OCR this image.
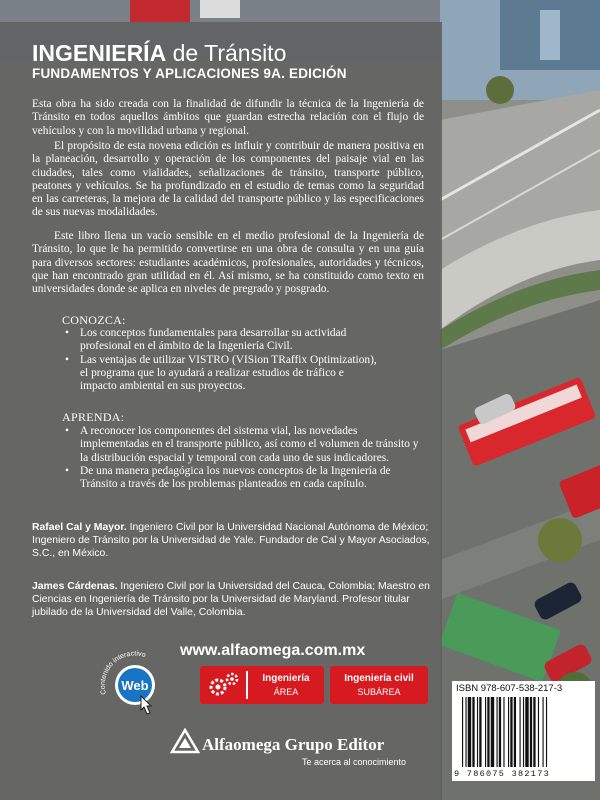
INGENIERÍA de Tránsito
FUNDAMENTOS Y APLICACIONES 9A. EDICIÓN

Esta obra ha sido creada con la finalidad de difundir la técnica de la Ingeniería de Tránsito en todos aquellos ámbitos que guardan estrecha relación con el flujo de vehículos y con la movilidad urbana y regional.

El propósito de esta novena edición es influir y contribuir de manera positiva en la planeación, desarrollo y operación de los componentes del paisaje vial en las ciudades, tales como vialidades, señalizaciones de tránsito, transporte público, peatones y vehículos. Se ha profundizado en el estudio de temas como la seguridad en las carreteras, la mejora de la calidad del transporte público y las especificaciones de sus nuevas modalidades.

Este libro llena un vacío sensible en el medio profesional de la Ingeniería de Tránsito, lo que le ha permitido convertirse en una obra de consulta y en una guía para diversos sectores: estudiantes académicos, profesionales, autoridades y técnicos, que han encontrado gran utilidad en él. Así mismo, se ha constituido como texto en universidades donde se aplica en niveles de pregrado y posgrado.

CONOZCA:
• Los conceptos fundamentales para desarrollar su actividad profesional en el ámbito de la Ingeniería Civil.
• Las ventajas de utilizar VISTRO (VISion TRaffix Optimization), el programa que lo ayudará a realizar estudios de tráfico e impacto ambiental en sus proyectos.
APRENDA:
• A reconocer los componentes del sistema vial, las novedades implementadas en el transporte público, así como el volumen de tránsito y la distribución espacial y temporal con cada uno de sus indicadores.
• De una manera pedagógica los nuevos conceptos de la Ingeniería de Tránsito a través de los problemas planteados en cada capítulo.

Rafael Cal y Mayor. Ingeniero Civil por la Universidad Nacional Autónoma de México; Ingeniero de Tránsito por la Universidad de Yale. Fundador de Cal y Mayor Asociados, S.C., en México.

James Cárdenas. Ingeniero Civil por la Universidad del Cauca, Colombia; Maestro en Ciencias en Ingeniería de Tránsito por la Universidad de Maryland. Profesor titular jubilado de la Universidad del Valle, Colombia.

Contenido interactivo
Web
www.alfaomega.com.mx
Ingeniería
ÁREA
Ingeniería civil
SUBÁREA
Alfaomega Grupo Editor
Te acerca al conocimiento
ISBN 978-607-538-217-3
9 786075 382173
